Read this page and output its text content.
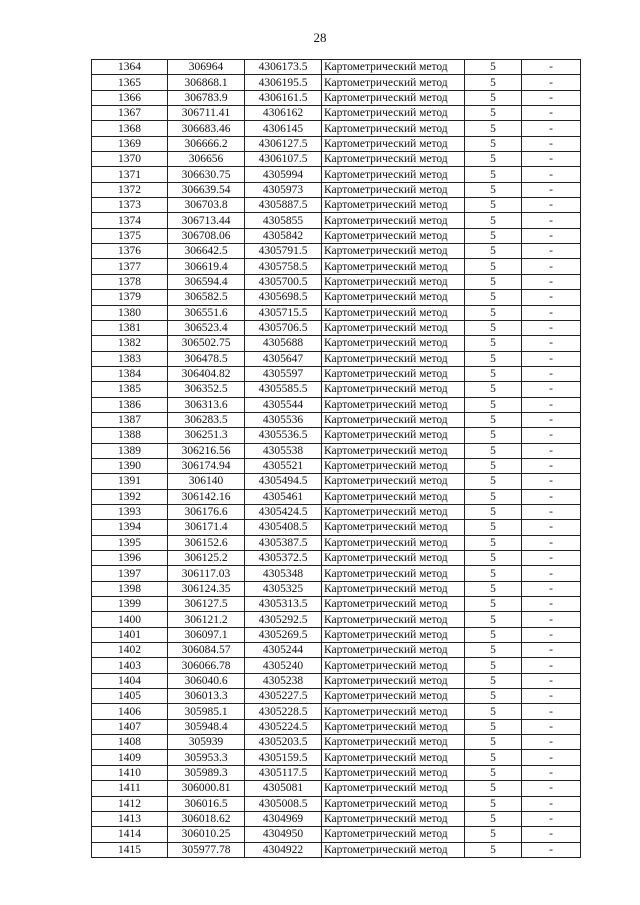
28
1364	306964	4306173.5	Картометрический метод	5	-
1365	306868.1	4306195.5	Картометрический метод	5	-
1366	306783.9	4306161.5	Картометрический метод	5	-
1367	306711.41	4306162	Картометрический метод	5	-
1368	306683.46	4306145	Картометрический метод	5	-
1369	306666.2	4306127.5	Картометрический метод	5	-
1370	306656	4306107.5	Картометрический метод	5	-
1371	306630.75	4305994	Картометрический метод	5	-
1372	306639.54	4305973	Картометрический метод	5	-
1373	306703.8	4305887.5	Картометрический метод	5	-
1374	306713.44	4305855	Картометрический метод	5	-
1375	306708.06	4305842	Картометрический метод	5	-
1376	306642.5	4305791.5	Картометрический метод	5	-
1377	306619.4	4305758.5	Картометрический метод	5	-
1378	306594.4	4305700.5	Картометрический метод	5	-
1379	306582.5	4305698.5	Картометрический метод	5	-
1380	306551.6	4305715.5	Картометрический метод	5	-
1381	306523.4	4305706.5	Картометрический метод	5	-
1382	306502.75	4305688	Картометрический метод	5	-
1383	306478.5	4305647	Картометрический метод	5	-
1384	306404.82	4305597	Картометрический метод	5	-
1385	306352.5	4305585.5	Картометрический метод	5	-
1386	306313.6	4305544	Картометрический метод	5	-
1387	306283.5	4305536	Картометрический метод	5	-
1388	306251.3	4305536.5	Картометрический метод	5	-
1389	306216.56	4305538	Картометрический метод	5	-
1390	306174.94	4305521	Картометрический метод	5	-
1391	306140	4305494.5	Картометрический метод	5	-
1392	306142.16	4305461	Картометрический метод	5	-
1393	306176.6	4305424.5	Картометрический метод	5	-
1394	306171.4	4305408.5	Картометрический метод	5	-
1395	306152.6	4305387.5	Картометрический метод	5	-
1396	306125.2	4305372.5	Картометрический метод	5	-
1397	306117.03	4305348	Картометрический метод	5	-
1398	306124.35	4305325	Картометрический метод	5	-
1399	306127.5	4305313.5	Картометрический метод	5	-
1400	306121.2	4305292.5	Картометрический метод	5	-
1401	306097.1	4305269.5	Картометрический метод	5	-
1402	306084.57	4305244	Картометрический метод	5	-
1403	306066.78	4305240	Картометрический метод	5	-
1404	306040.6	4305238	Картометрический метод	5	-
1405	306013.3	4305227.5	Картометрический метод	5	-
1406	305985.1	4305228.5	Картометрический метод	5	-
1407	305948.4	4305224.5	Картометрический метод	5	-
1408	305939	4305203.5	Картометрический метод	5	-
1409	305953.3	4305159.5	Картометрический метод	5	-
1410	305989.3	4305117.5	Картометрический метод	5	-
1411	306000.81	4305081	Картометрический метод	5	-
1412	306016.5	4305008.5	Картометрический метод	5	-
1413	306018.62	4304969	Картометрический метод	5	-
1414	306010.25	4304950	Картометрический метод	5	-
1415	305977.78	4304922	Картометрический метод	5	-
